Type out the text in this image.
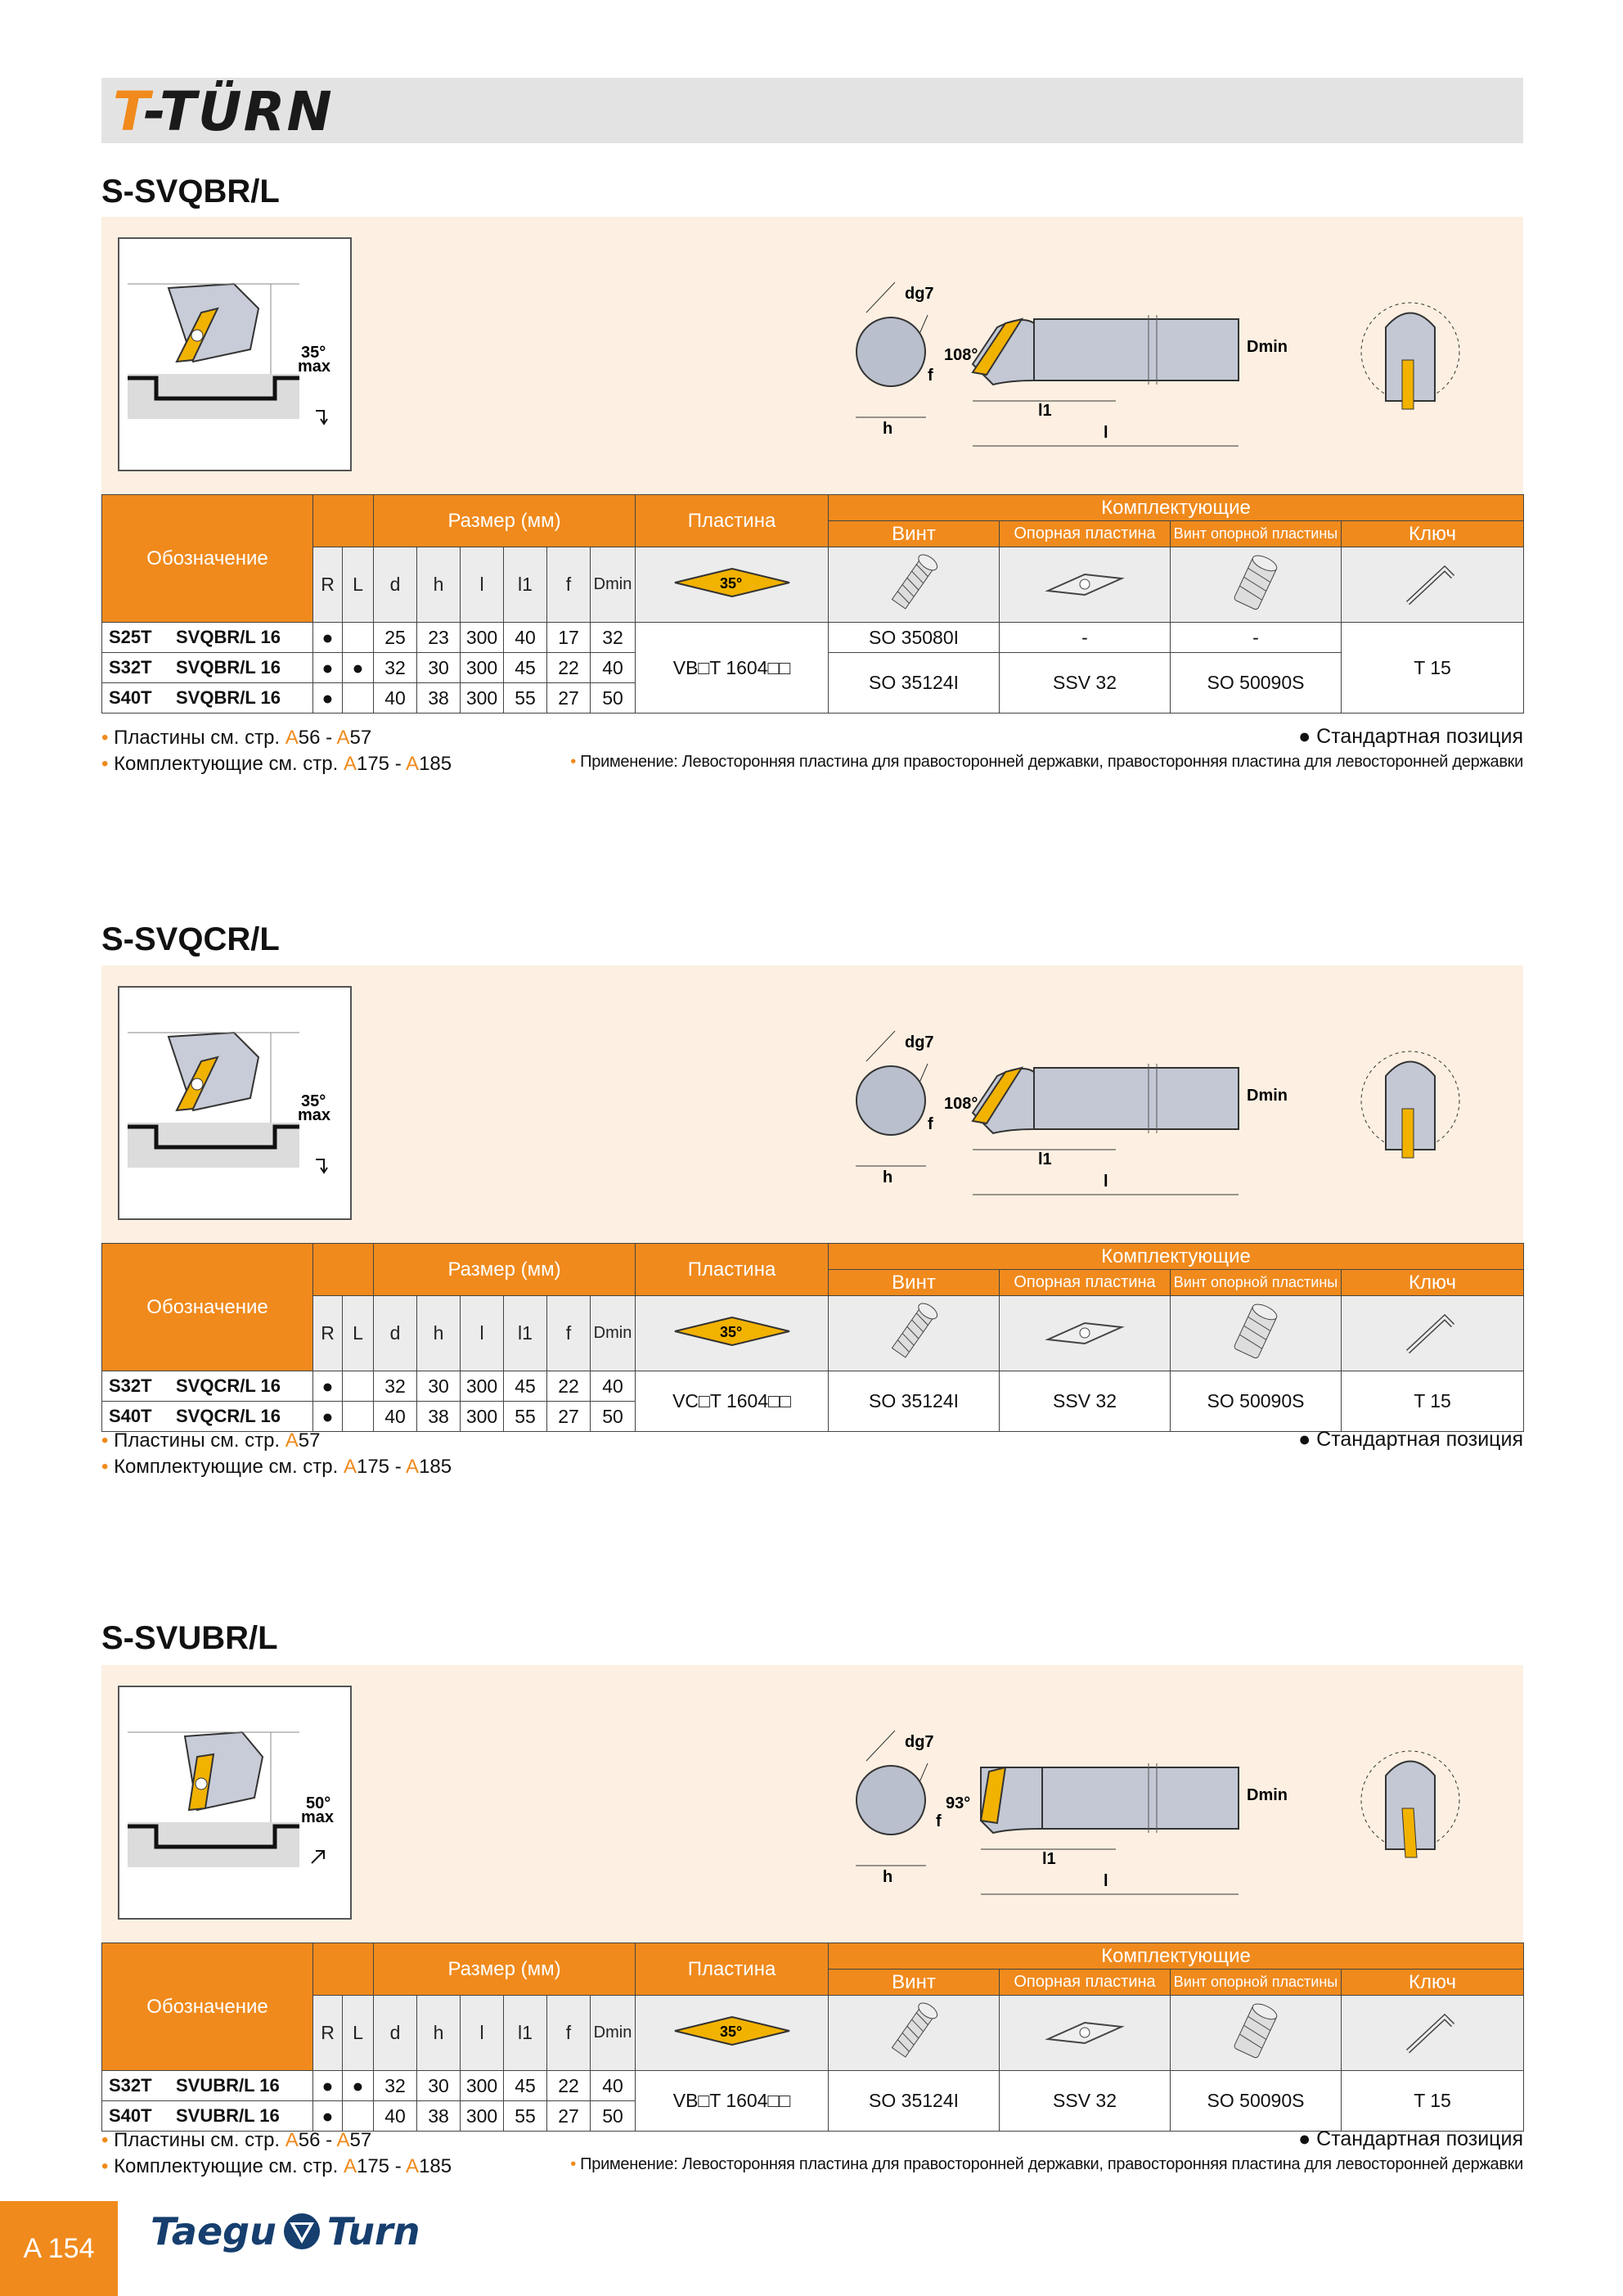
T-TÜRN
S-SVQBR/L
35°
max
dg7
h
f
108°
l1
l
Dmin
Обозначение			Размер (мм)						Пластина	Комплектующие			
										Винт	Опорная пластина	Винт опорной пластины	Ключ
	R	L	d	h	l	l1	f	Dmin	35°

S25T SVQBR/L 16	●		25	23	300	40	17	32	VB□T 1604□□	SO 35080I	-	-	T 15
S32T SVQBR/L 16	●	●	32	30	300	45	22	40		SO 35124I	SSV 32	SO 50090S	
S40T SVQBR/L 16	●		40	38	300	55	27	50					
• Пластины см. стр. A56 - A57
• Комплектующие см. стр. A175 - A185
● Стандартная позиция
• Применение: Левосторонняя пластина для правосторонней державки, правосторонняя пластина для левосторонней державки
S-SVQCR/L
35°
max
dg7
h
f
108°
l1
l
Dmin
Обозначение			Размер (мм)						Пластина	Комплектующие			
										Винт	Опорная пластина	Винт опорной пластины	Ключ
	R	L	d	h	l	l1	f	Dmin	35°

S32T SVQCR/L 16	●		32	30	300	45	22	40	VC□T 1604□□	SO 35124I	SSV 32	SO 50090S	T 15
S40T SVQCR/L 16	●		40	38	300	55	27	50					
• Пластины см. стр. A57
• Комплектующие см. стр. A175 - A185
● Стандартная позиция
S-SVUBR/L
50°
max
dg7
h
f
93°
l1
l
Dmin
Обозначение			Размер (мм)						Пластина	Комплектующие			
										Винт	Опорная пластина	Винт опорной пластины	Ключ
	R	L	d	h	l	l1	f	Dmin	35°

S32T SVUBR/L 16	●	●	32	30	300	45	22	40	VB□T 1604□□	SO 35124I	SSV 32	SO 50090S	T 15
S40T SVUBR/L 16	●		40	38	300	55	27	50					
• Пластины см. стр. A56 - A57
• Комплектующие см. стр. A175 - A185
● Стандартная позиция
• Применение: Левосторонняя пластина для правосторонней державки, правосторонняя пластина для левосторонней державки
A 154	Taegu Turn
